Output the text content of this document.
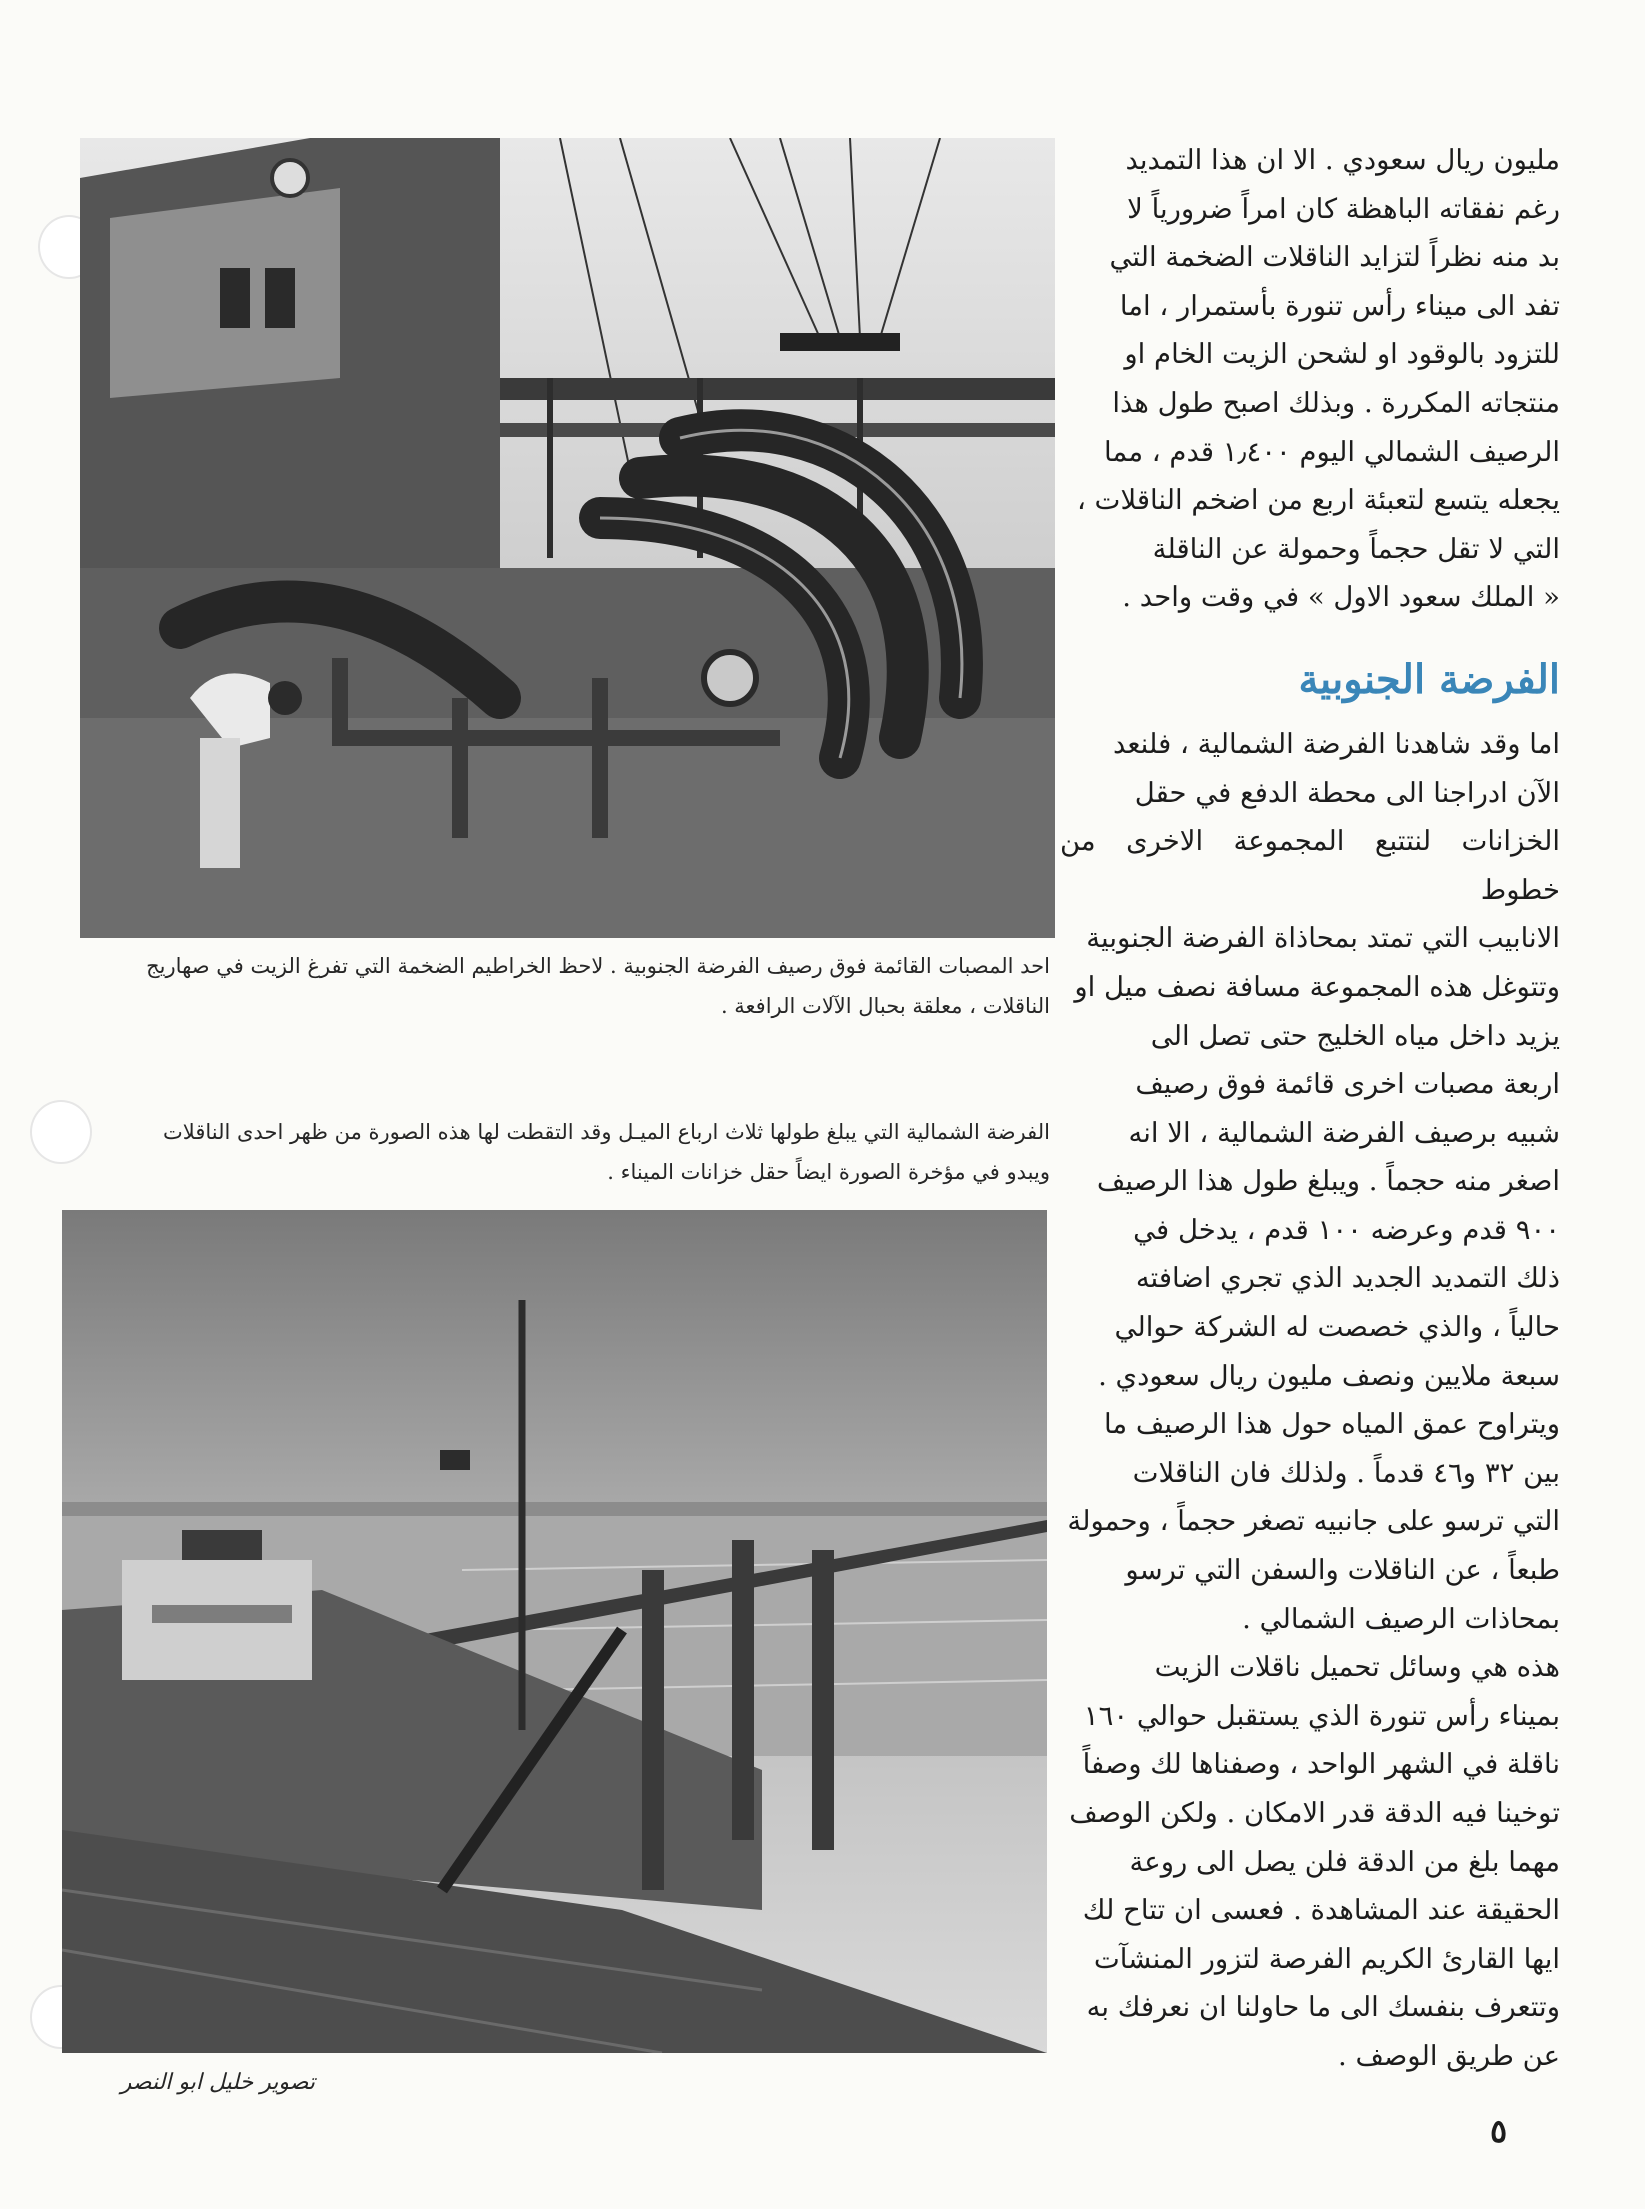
احد المصبات القائمة فوق رصيف الفرضة الجنوبية . لاحظ الخراطيم الضخمة التي تفرغ الزيت في صهاريج
الناقلات ، معلقة بحبال الآلات الرافعة .

الفرضة الشمالية التي يبلغ طولها ثلاث ارباع الميـل وقد التقطت لها هذه الصورة من ظهر احدى الناقلات
ويبدو في مؤخرة الصورة ايضاً حقل خزانات الميناء .

تصوير خليل ابو النصر

مليون ريال سعودي . الا ان هذا التمديد

رغم نفقاته الباهظة كان امراً ضرورياً لا

بد منه نظراً لتزايد الناقلات الضخمة التي

تفد الى ميناء رأس تنورة بأستمرار ، اما

للتزود بالوقود او لشحن الزيت الخام او

منتجاته المكررة . وبذلك اصبح طول هذا

الرصيف الشمالي اليوم ١٫٤٠٠ قدم ، مما

يجعله يتسع لتعبئة اربع من اضخم الناقلات ،

التي لا تقل حجماً وحمولة عن الناقلة

« الملك سعود الاول » في وقت واحد .

الفرضة الجنوبية

اما وقد شاهدنا الفرضة الشمالية ، فلنعد

الآن ادراجنا الى محطة الدفع في حقل

الخزانات لنتتبع المجموعة الاخرى من خطوط

الانابيب التي تمتد بمحاذاة الفرضة الجنوبية

وتتوغل هذه المجموعة مسافة نصف ميل او

يزيد داخل مياه الخليج حتى تصل الى

اربعة مصبات اخرى قائمة فوق رصيف

شبيه برصيف الفرضة الشمالية ، الا انه

اصغر منه حجماً . ويبلغ طول هذا الرصيف

٩٠٠ قدم وعرضه ١٠٠ قدم ، يدخل في

ذلك التمديد الجديد الذي تجري اضافته

حالياً ، والذي خصصت له الشركة حوالي

سبعة ملايين ونصف مليون ريال سعودي .

ويتراوح عمق المياه حول هذا الرصيف ما

بين ٣٢ و٤٦ قدماً . ولذلك فان الناقلات

التي ترسو على جانبيه تصغر حجماً ، وحمولة

طبعاً ، عن الناقلات والسفن التي ترسو

بمحاذات الرصيف الشمالي .

هذه هي وسائل تحميل ناقلات الزيت

بميناء رأس تنورة الذي يستقبل حوالي ١٦٠

ناقلة في الشهر الواحد ، وصفناها لك وصفاً

توخينا فيه الدقة قدر الامكان . ولكن الوصف

مهما بلغ من الدقة فلن يصل الى روعة

الحقيقة عند المشاهدة . فعسى ان تتاح لك

ايها القارئ الكريم الفرصة لتزور المنشآت

وتتعرف بنفسك الى ما حاولنا ان نعرفك به

عن طريق الوصف .

٥
